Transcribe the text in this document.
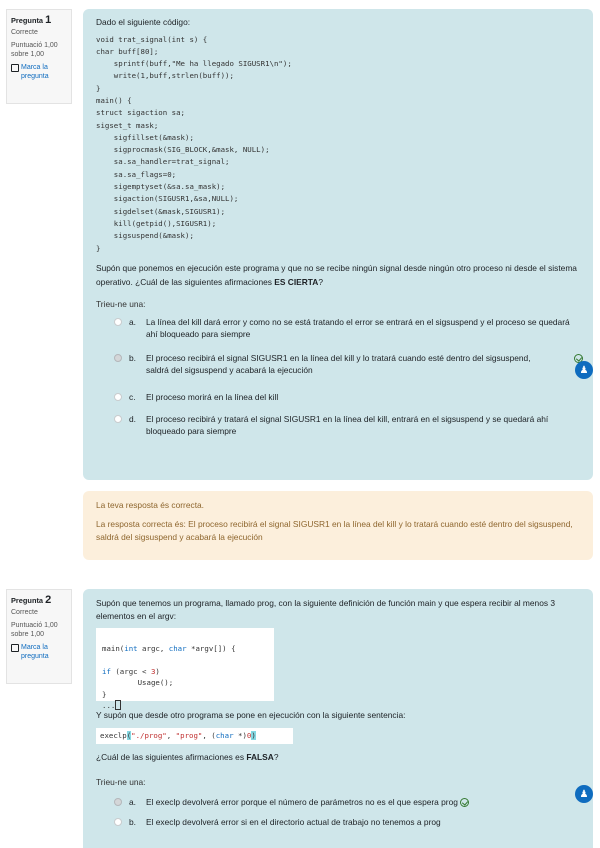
Pregunta 1
Correcte
Puntuació 1,00
sobre 1,00
Marca la
pregunta
Dado el siguiente código:
void trat_signal(int s) {
char buff[80];
sprintf(buff,"Me ha llegado SIGUSR1\n");
write(1,buff,strlen(buff));
}
main() {
struct sigaction sa;
sigset_t mask;
sigfillset(&mask);
sigprocmask(SIG_BLOCK,&mask, NULL);
sa.sa_handler=trat_signal;
sa.sa_flags=0;
sigemptyset(&sa.sa_mask);
sigaction(SIGUSR1,&sa,NULL);
sigdelset(&mask,SIGUSR1);
kill(getpid(),SIGUSR1);
sigsuspend(&mask);
}
Supón que ponemos en ejecución este programa y que no se recibe ningún signal desde ningún otro proceso ni desde el sistema operativo. ¿Cuál de las siguientes afirmaciones ES CIERTA?
Trieu-ne una:
a.	La línea del kill dará error y como no se está tratando el error se entrará en el sigsuspend y el proceso se quedará ahí bloqueado para siempre
b.	El proceso recibirá el signal SIGUSR1 en la línea del kill y lo tratará cuando esté dentro del sigsuspend, saldrá del sigsuspend y acabará la ejecución
c.	El proceso morirá en la línea del kill
d.	El proceso recibirá y tratará el signal SIGUSR1 en la línea del kill, entrará en el sigsuspend y se quedará ahí bloqueado para siempre
♟
La teva resposta és correcta.
La resposta correcta és: El proceso recibirá el signal SIGUSR1 en la línea del kill y lo tratará cuando esté dentro del sigsuspend, saldrá del sigsuspend y acabará la ejecución
Pregunta 2
Correcte
Puntuació 1,00
sobre 1,00
Marca la
pregunta
Supón que tenemos un programa, llamado prog, con la siguiente definición de función main y que espera recibir al menos 3 elementos en el argv:

main(int argc, char *argv[]) {

if (argc < 3)
Usage();
}
...
Y supón que desde otro programa se pone en ejecución con la siguiente sentencia:
execlp("./prog", "prog", (char *)0)
¿Cuál de las siguientes afirmaciones es FALSA?
Trieu-ne una:
a.	El execlp devolverá error porque el número de parámetros no es el que espera prog
b.	El execlp devolverá error si en el directorio actual de trabajo no tenemos a prog
♟
